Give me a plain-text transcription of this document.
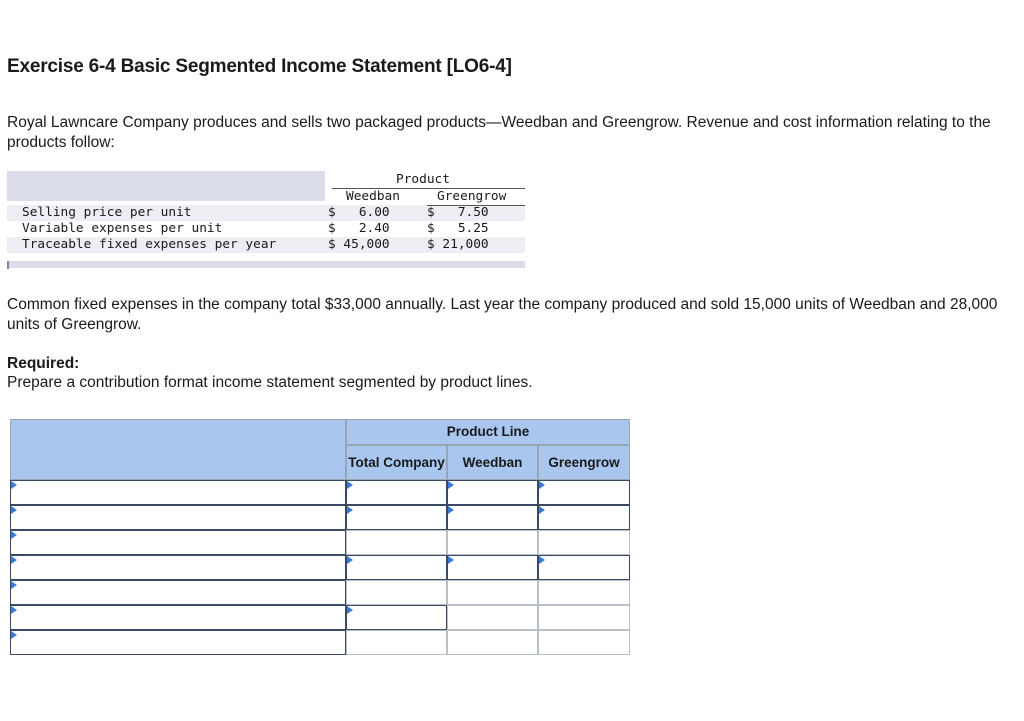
Exercise 6-4 Basic Segmented Income Statement [LO6-4]
Royal Lawncare Company produces and sells two packaged products—Weedban and Greengrow. Revenue and cost information relating to the products follow:
Product
Weedban	Greengrow
Selling price per unit	$   6.00	$   7.50
Variable expenses per unit	$   2.40	$   5.25
Traceable fixed expenses per year	$ 45,000	$ 21,000
Common fixed expenses in the company total $33,000 annually. Last year the company produced and sold 15,000 units of Weedban and 28,000 units of Greengrow.
Required:
Prepare a contribution format income statement segmented by product lines.
Product Line
Total Company	Weedban	Greengrow
